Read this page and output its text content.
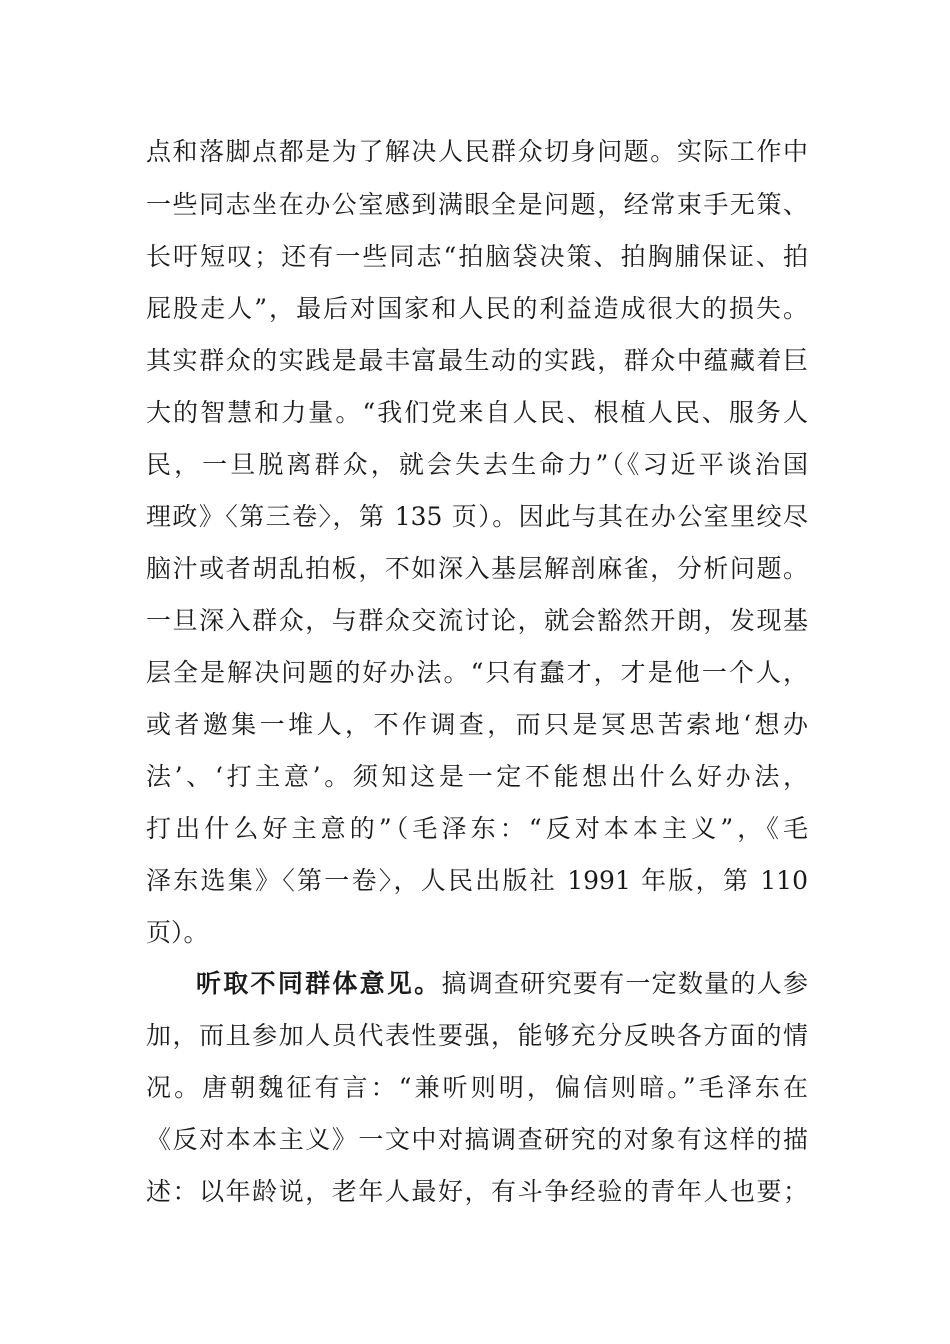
点和落脚点都是为了解决人民群众切身问题。实际工作中
一些同志坐在办公室感到满眼全是问题，经常束手无策、
长吁短叹；还有一些同志“拍脑袋决策、拍胸脯保证、拍
屁股走人”，最后对国家和人民的利益造成很大的损失。
其实群众的实践是最丰富最生动的实践，群众中蕴藏着巨
大的智慧和力量。“我们党来自人民、根植人民、服务人
民，一旦脱离群众，就会失去生命力”（《习近平谈治国
理政》〈第三卷〉，第 135 页）。因此与其在办公室里绞尽
脑汁或者胡乱拍板，不如深入基层解剖麻雀，分析问题。
一旦深入群众，与群众交流讨论，就会豁然开朗，发现基
层全是解决问题的好办法。“只有蠢才，才是他一个人，
或者邀集一堆人，不作调查，而只是冥思苦索地‘想办
法’、‘打主意’。须知这是一定不能想出什么好办法，
打出什么好主意的”（毛泽东：“反对本本主义”，《毛
泽东选集》〈第一卷〉，人民出版社 1991 年版，第 110
页）。
听取不同群体意见。搞调查研究要有一定数量的人参
加，而且参加人员代表性要强，能够充分反映各方面的情
况。唐朝魏征有言：“兼听则明，偏信则暗。”毛泽东在
《反对本本主义》一文中对搞调查研究的对象有这样的描
述：以年龄说，老年人最好，有斗争经验的青年人也要；
